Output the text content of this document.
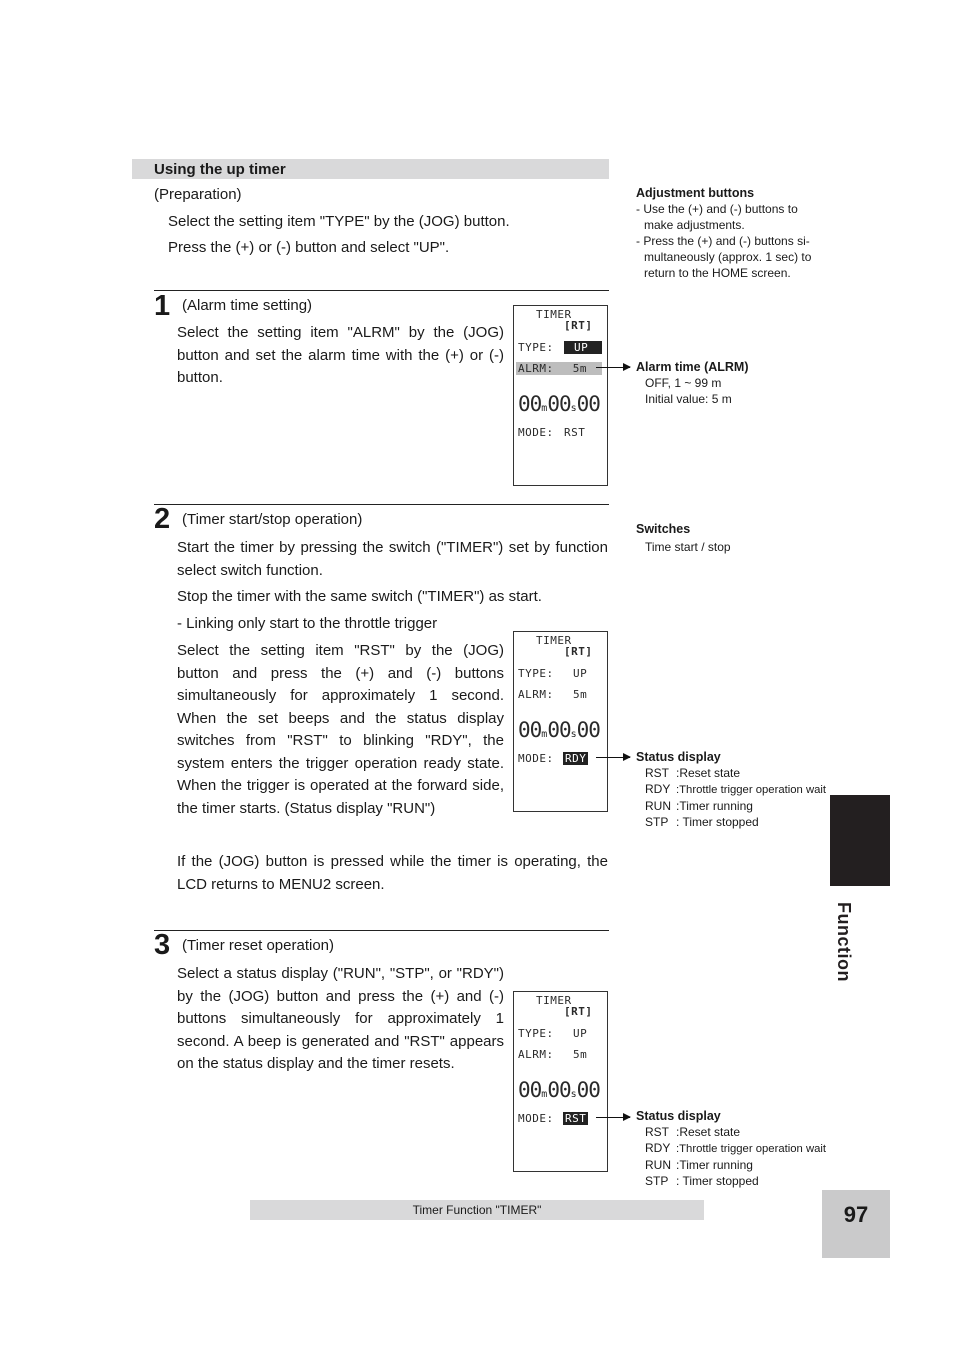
Using the up timer
(Preparation)
Select the setting item "TYPE" by the (JOG) button.
Press the (+) or (-) button and select "UP".
Adjustment buttons
- Use the (+) and (-) buttons to
make adjustments.
- Press the (+) and (-) buttons si-
multaneously (approx. 1 sec) to
return to the HOME screen.
1 (Alarm time setting)
Select the setting item "ALRM" by the (JOG) button and set the alarm time with the (+) or (-) button.
TIMER
[RT]
TYPE:	UP
ALRM: 5m
00m00s00
MODE: RST
Alarm time (ALRM)
OFF, 1 ~ 99 m
Initial value: 5 m
2 (Timer start/stop operation)
Start the timer by pressing the switch ("TIMER") set by function select switch function.
Stop the timer with the same switch ("TIMER") as start.
- Linking only start to the throttle trigger
Select the setting item "RST" by the (JOG) button and press the (+) and (-) buttons simultaneously for approximately 1 second. When the set beeps and the status display switches from "RST" to blinking "RDY", the system enters the trigger operation ready state. When the trigger is operated at the forward side, the timer starts. (Status display "RUN")
If the (JOG) button is pressed while the timer is operating, the LCD returns to MENU2 screen.
Switches
Time start / stop
TIMER
[RT]
TYPE: UP
ALRM: 5m
00m00s00
MODE: RDY	Status display
RST :Reset state
RDY :Throttle trigger operation wait
RUN :Timer running
STP : Timer stopped
Function
3 (Timer reset operation)
Select a status display ("RUN", "STP", or "RDY") by the (JOG) button and press the (+) and (-) buttons simultaneously for approximately 1 second. A beep is generated and "RST" appears on the status display and the timer resets.
TIMER
[RT]
TYPE: UP
ALRM: 5m
00m00s00
MODE: RST	Status display
RST :Reset state
RDY :Throttle trigger operation wait
RUN :Timer running
STP : Timer stopped
Timer Function "TIMER"	97
